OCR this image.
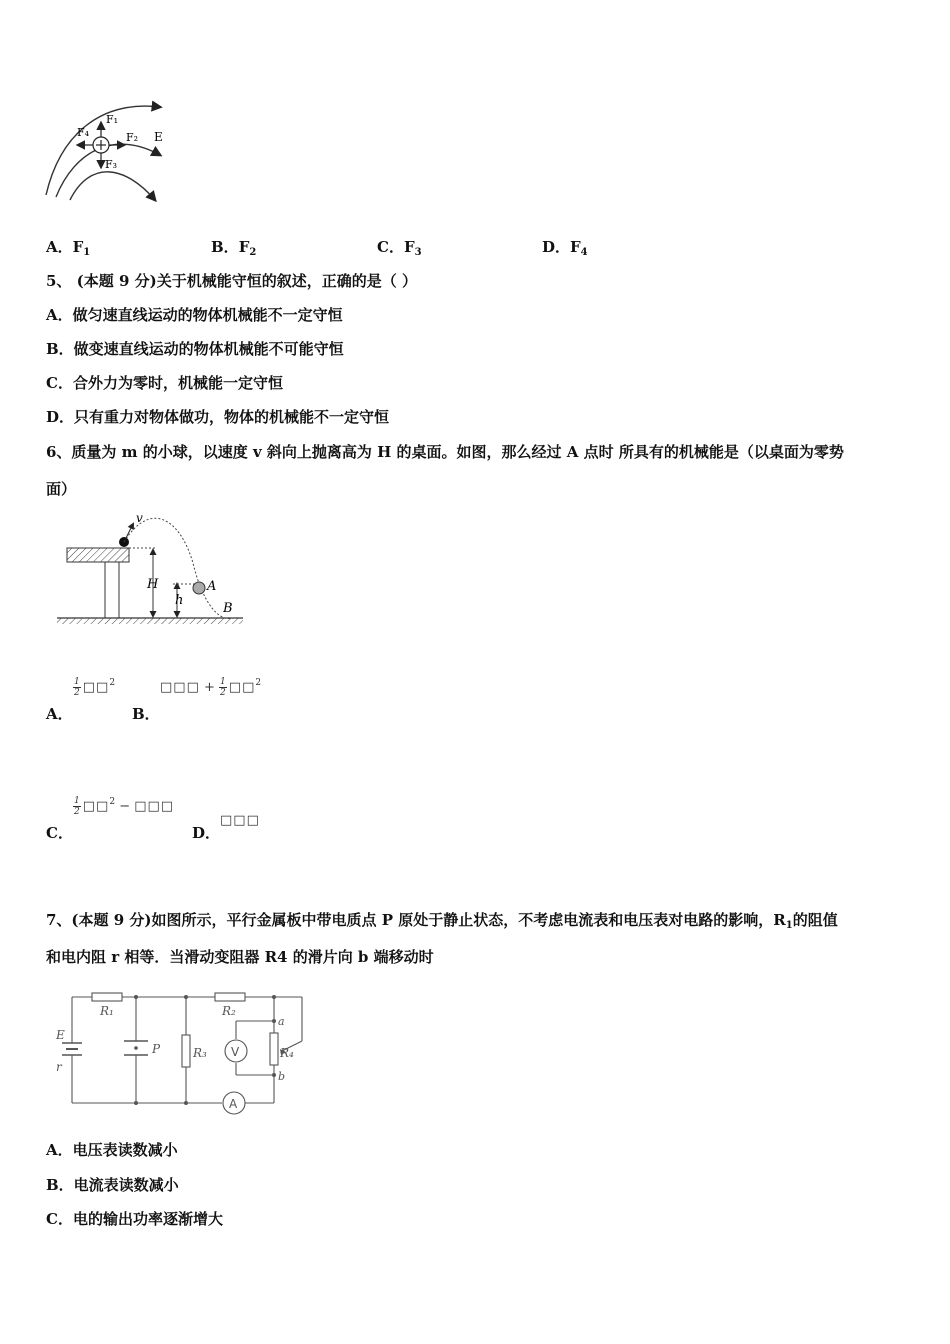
F₁
F₂
F₃
F₄	E
A．$F_1$	B．$F_2$	C．$F_3$	D．$F_4$
5、 (本题 9 分)关于机械能守恒的叙述，正确的是（ ）
A．做匀速直线运动的物体机械能不一定守恒
B．做变速直线运动的物体机械能不可能守恒
C．合外力为零时，机械能一定守恒
D．只有重力对物体做功，物体的机械能不一定守恒
6、质量为 m 的小球，以速度 v 斜向上抛离高为 H 的桌面。如图，那么经过 A 点时 所具有的机械能是（以桌面为零势
面）
v
H
h
A
B
A．
$\frac{1}{2}$ □□$^2$
B．
□□□ + $\frac{1}{2}$ □□$^2$
C．
$\frac{1}{2}$ □□$^2$ − □□□
D．
□□□
7、(本题 9 分)如图所示，平行金属板中带电质点 P 原处于静止状态，不考虑电流表和电压表对电路的影响，$R_1$的阻值
和电内阻 r 相等．当滑动变阻器 R4 的滑片向 b 端移动时
R₁	R₂
R₃	R₄
E
r
P
a
b
V
A
A．电压表读数减小
B．电流表读数减小
C．电的输出功率逐渐增大
